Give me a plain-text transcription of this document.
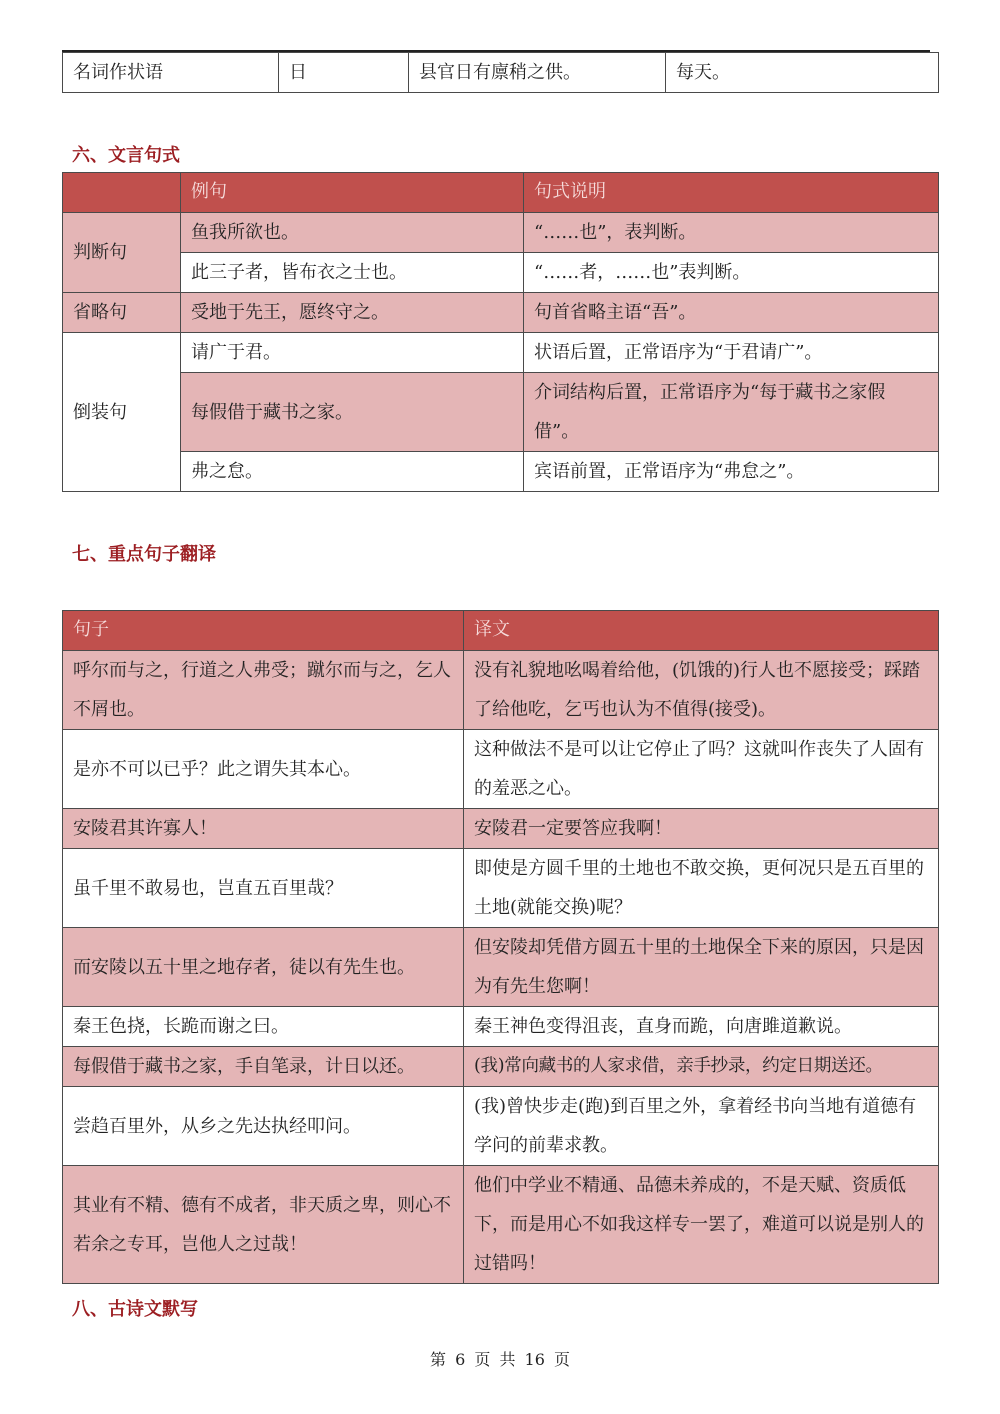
名词作状语	日	县官日有廪稍之供。	每天。
六、文言句式
	例句	句式说明
判断句	鱼我所欲也。	“……也”，表判断。
	此三子者，皆布衣之士也。	“……者，……也”表判断。
省略句	受地于先王，愿终守之。	句首省略主语“吾”。
倒装句	请广于君。	状语后置，正常语序为“于君请广”。
	每假借于藏书之家。	介词结构后置，正常语序为“每于藏书之家假借”。
	弗之怠。	宾语前置，正常语序为“弗怠之”。
七、重点句子翻译
句子	译文
呼尔而与之，行道之人弗受；蹴尔而与之，乞人不屑也。	没有礼貌地吆喝着给他，(饥饿的)行人也不愿接受；踩踏了给他吃，乞丐也认为不值得(接受)。
是亦不可以已乎？此之谓失其本心。	这种做法不是可以让它停止了吗？这就叫作丧失了人固有的羞恶之心。
安陵君其许寡人！	安陵君一定要答应我啊！
虽千里不敢易也，岂直五百里哉？	即使是方圆千里的土地也不敢交换，更何况只是五百里的土地(就能交换)呢？
而安陵以五十里之地存者，徒以有先生也。	但安陵却凭借方圆五十里的土地保全下来的原因，只是因为有先生您啊！
秦王色挠，长跪而谢之曰。	秦王神色变得沮丧，直身而跪，向唐雎道歉说。
每假借于藏书之家，手自笔录，计日以还。	(我)常向藏书的人家求借，亲手抄录，约定日期送还。
尝趋百里外，从乡之先达执经叩问。	(我)曾快步走(跑)到百里之外，拿着经书向当地有道德有学问的前辈求教。
其业有不精、德有不成者，非天质之卑，则心不若余之专耳，岂他人之过哉！	他们中学业不精通、品德未养成的，不是天赋、资质低下，而是用心不如我这样专一罢了，难道可以说是别人的过错吗！
八、古诗文默写
第 6 页 共 16 页
